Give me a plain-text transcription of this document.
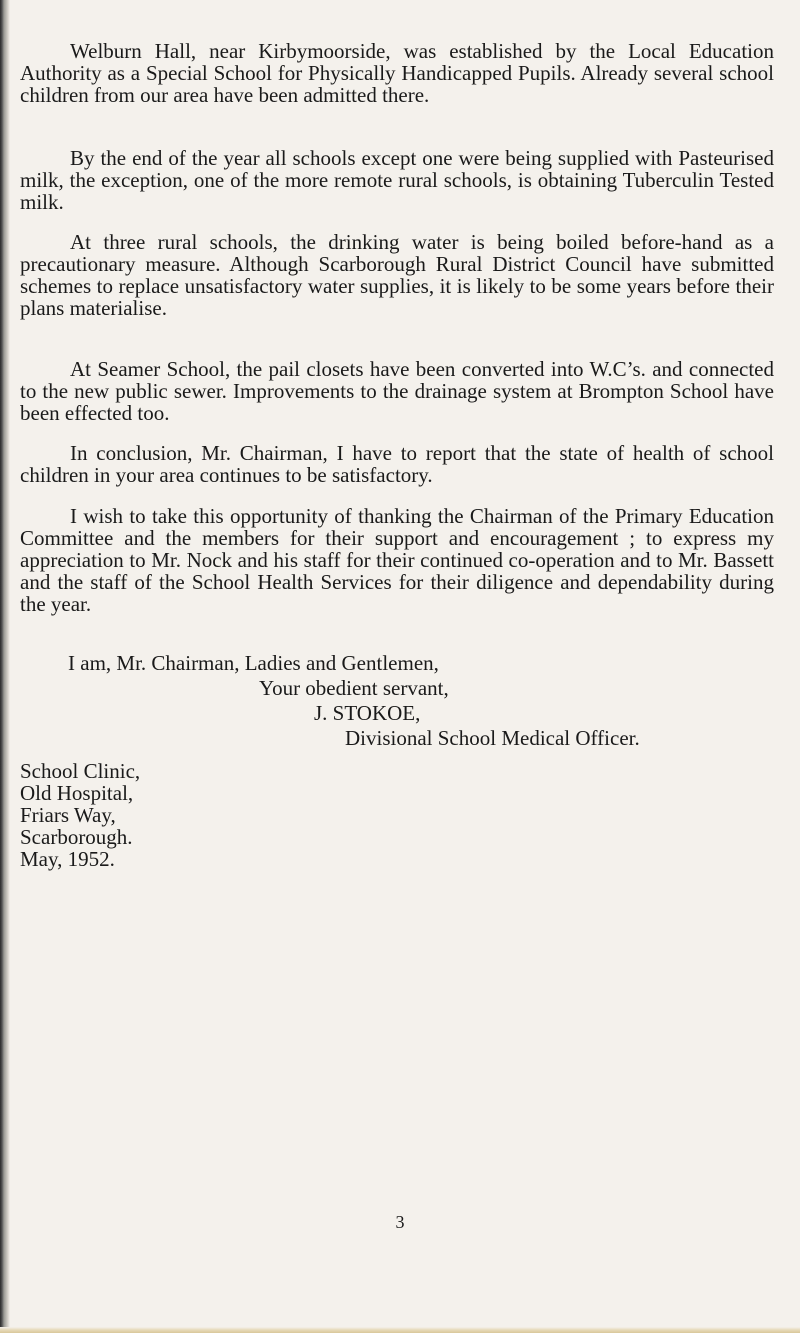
Welburn Hall, near Kirbymoorside, was established by the Local Education Authority as a Special School for Physically Handicapped Pupils. Already several school children from our area have been admitted there.

By the end of the year all schools except one were being supplied with Pasteurised milk, the exception, one of the more remote rural schools, is obtaining Tuberculin Tested milk.

At three rural schools, the drinking water is being boiled before-hand as a precautionary measure. Although Scarborough Rural District Council have submitted schemes to replace unsatisfactory water supplies, it is likely to be some years before their plans materialise.

At Seamer School, the pail closets have been converted into W.C’s. and connected to the new public sewer. Improvements to the drainage system at Brompton School have been effected too.

In conclusion, Mr. Chairman, I have to report that the state of health of school children in your area continues to be satisfactory.

I wish to take this opportunity of thanking the Chairman of the Primary Education Committee and the members for their support and encouragement ; to express my appreciation to Mr. Nock and his staff for their continued co-operation and to Mr. Bassett and the staff of the School Health Services for their diligence and dependability during the year.

I am, Mr. Chairman, Ladies and Gentlemen,

Your obedient servant,

J. STOKOE,

Divisional School Medical Officer.

School Clinic,
Old Hospital,
Friars Way,
Scarborough.
May, 1952.
3
